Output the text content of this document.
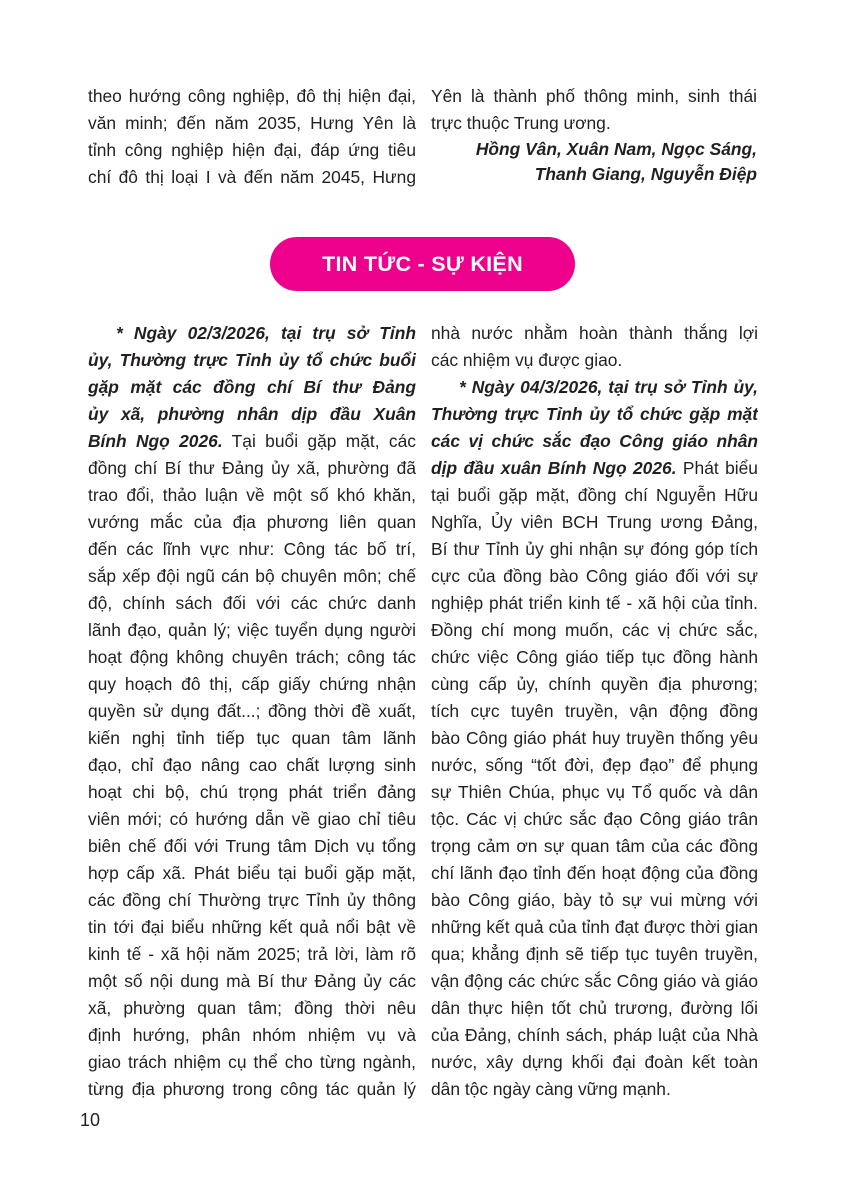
theo hướng công nghiệp, đô thị hiện đại,
văn minh; đến năm 2035, Hưng Yên là
tỉnh công nghiệp hiện đại, đáp ứng tiêu
chí đô thị loại I và đến năm 2045, Hưng
Yên là thành phố thông minh, sinh thái
trực thuộc Trung ương.
Hồng Vân, Xuân Nam, Ngọc Sáng,
Thanh Giang, Nguyễn Điệp
TIN TỨC - SỰ KIỆN
* Ngày 02/3/2026, tại trụ sở Tỉnh
ủy, Thường trực Tỉnh ủy tổ chức buổi
gặp mặt các đồng chí Bí thư Đảng
ủy xã, phường nhân dịp đầu Xuân
Bính Ngọ 2026. Tại buổi gặp mặt, các
đồng chí Bí thư Đảng ủy xã, phường đã
trao đổi, thảo luận về một số khó khăn,
vướng mắc của địa phương liên quan
đến các lĩnh vực như: Công tác bố trí,
sắp xếp đội ngũ cán bộ chuyên môn; chế
độ, chính sách đối với các chức danh
lãnh đạo, quản lý; việc tuyển dụng người
hoạt động không chuyên trách; công tác
quy hoạch đô thị, cấp giấy chứng nhận
quyền sử dụng đất...; đồng thời đề xuất,
kiến nghị tỉnh tiếp tục quan tâm lãnh
đạo, chỉ đạo nâng cao chất lượng sinh
hoạt chi bộ, chú trọng phát triển đảng
viên mới; có hướng dẫn về giao chỉ tiêu
biên chế đối với Trung tâm Dịch vụ tổng
hợp cấp xã. Phát biểu tại buổi gặp mặt,
các đồng chí Thường trực Tỉnh ủy thông
tin tới đại biểu những kết quả nổi bật về
kinh tế - xã hội năm 2025; trả lời, làm rõ
một số nội dung mà Bí thư Đảng ủy các
xã, phường quan tâm; đồng thời nêu
định hướng, phân nhóm nhiệm vụ và
giao trách nhiệm cụ thể cho từng ngành,
từng địa phương trong công tác quản lý
nhà nước nhằm hoàn thành thắng lợi
các nhiệm vụ được giao.
* Ngày 04/3/2026, tại trụ sở Tỉnh ủy,
Thường trực Tỉnh ủy tổ chức gặp mặt
các vị chức sắc đạo Công giáo nhân
dịp đầu xuân Bính Ngọ 2026. Phát biểu
tại buổi gặp mặt, đồng chí Nguyễn Hữu
Nghĩa, Ủy viên BCH Trung ương Đảng,
Bí thư Tỉnh ủy ghi nhận sự đóng góp tích
cực của đồng bào Công giáo đối với sự
nghiệp phát triển kinh tế - xã hội của tỉnh.
Đồng chí mong muốn, các vị chức sắc,
chức việc Công giáo tiếp tục đồng hành
cùng cấp ủy, chính quyền địa phương;
tích cực tuyên truyền, vận động đồng
bào Công giáo phát huy truyền thống yêu
nước, sống “tốt đời, đẹp đạo” để phụng
sự Thiên Chúa, phục vụ Tổ quốc và dân
tộc. Các vị chức sắc đạo Công giáo trân
trọng cảm ơn sự quan tâm của các đồng
chí lãnh đạo tỉnh đến hoạt động của đồng
bào Công giáo, bày tỏ sự vui mừng với
những kết quả của tỉnh đạt được thời gian
qua; khẳng định sẽ tiếp tục tuyên truyền,
vận động các chức sắc Công giáo và giáo
dân thực hiện tốt chủ trương, đường lối
của Đảng, chính sách, pháp luật của Nhà
nước, xây dựng khối đại đoàn kết toàn
dân tộc ngày càng vững mạnh.
10
